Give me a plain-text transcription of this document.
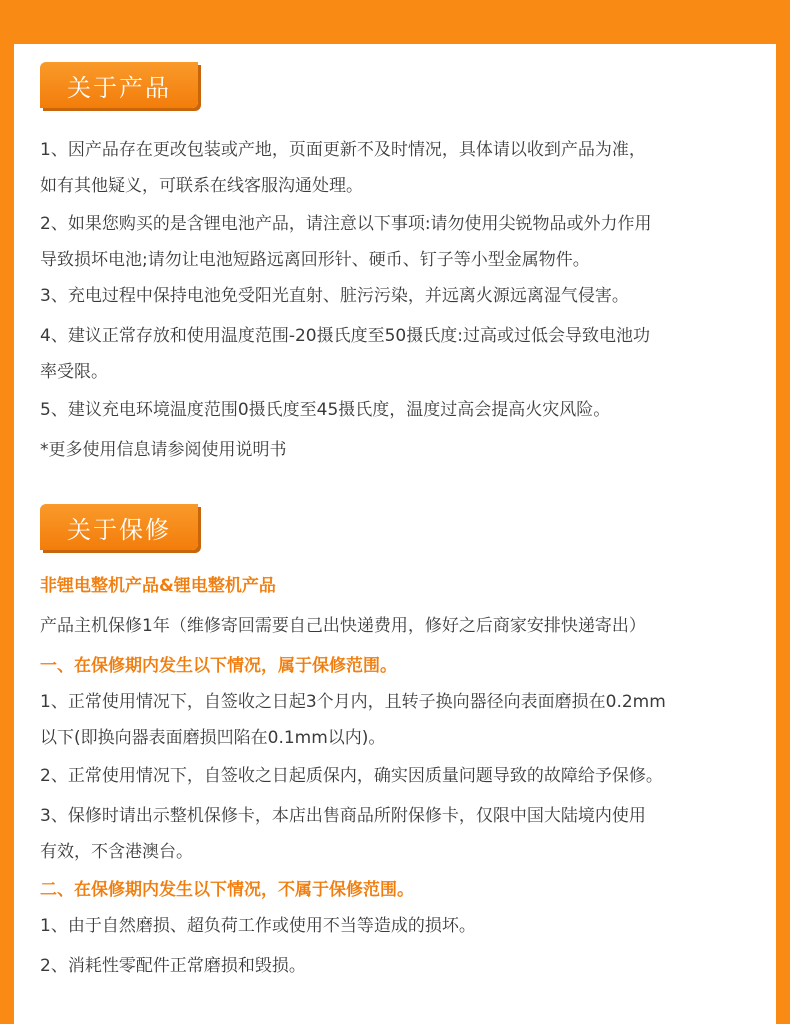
关于产品

1、因产品存在更改包装或产地，页面更新不及时情况，具体请以收到产品为准，
如有其他疑义，可联系在线客服沟通处理。

2、如果您购买的是含锂电池产品，请注意以下事项:请勿使用尖锐物品或外力作用
导致损坏电池;请勿让电池短路远离回形针、硬币、钉子等小型金属物件。

3、充电过程中保持电池免受阳光直射、脏污污染，并远离火源远离湿气侵害。

4、建议正常存放和使用温度范围-20摄氏度至50摄氏度:过高或过低会导致电池功
率受限。

5、建议充电环境温度范围0摄氏度至45摄氏度，温度过高会提高火灾风险。

*更多使用信息请参阅使用说明书

关于保修

非锂电整机产品&锂电整机产品

产品主机保修1年（维修寄回需要自己出快递费用，修好之后商家安排快递寄出）

一、在保修期内发生以下情况，属于保修范围。

1、正常使用情况下，自签收之日起3个月内，且转子换向器径向表面磨损在0.2mm
以下(即换向器表面磨损凹陷在0.1mm以内)。

2、正常使用情况下，自签收之日起质保内，确实因质量问题导致的故障给予保修。

3、保修时请出示整机保修卡，本店出售商品所附保修卡，仅限中国大陆境内使用
有效，不含港澳台。

二、在保修期内发生以下情况，不属于保修范围。

1、由于自然磨损、超负荷工作或使用不当等造成的损坏。

2、消耗性零配件正常磨损和毁损。
